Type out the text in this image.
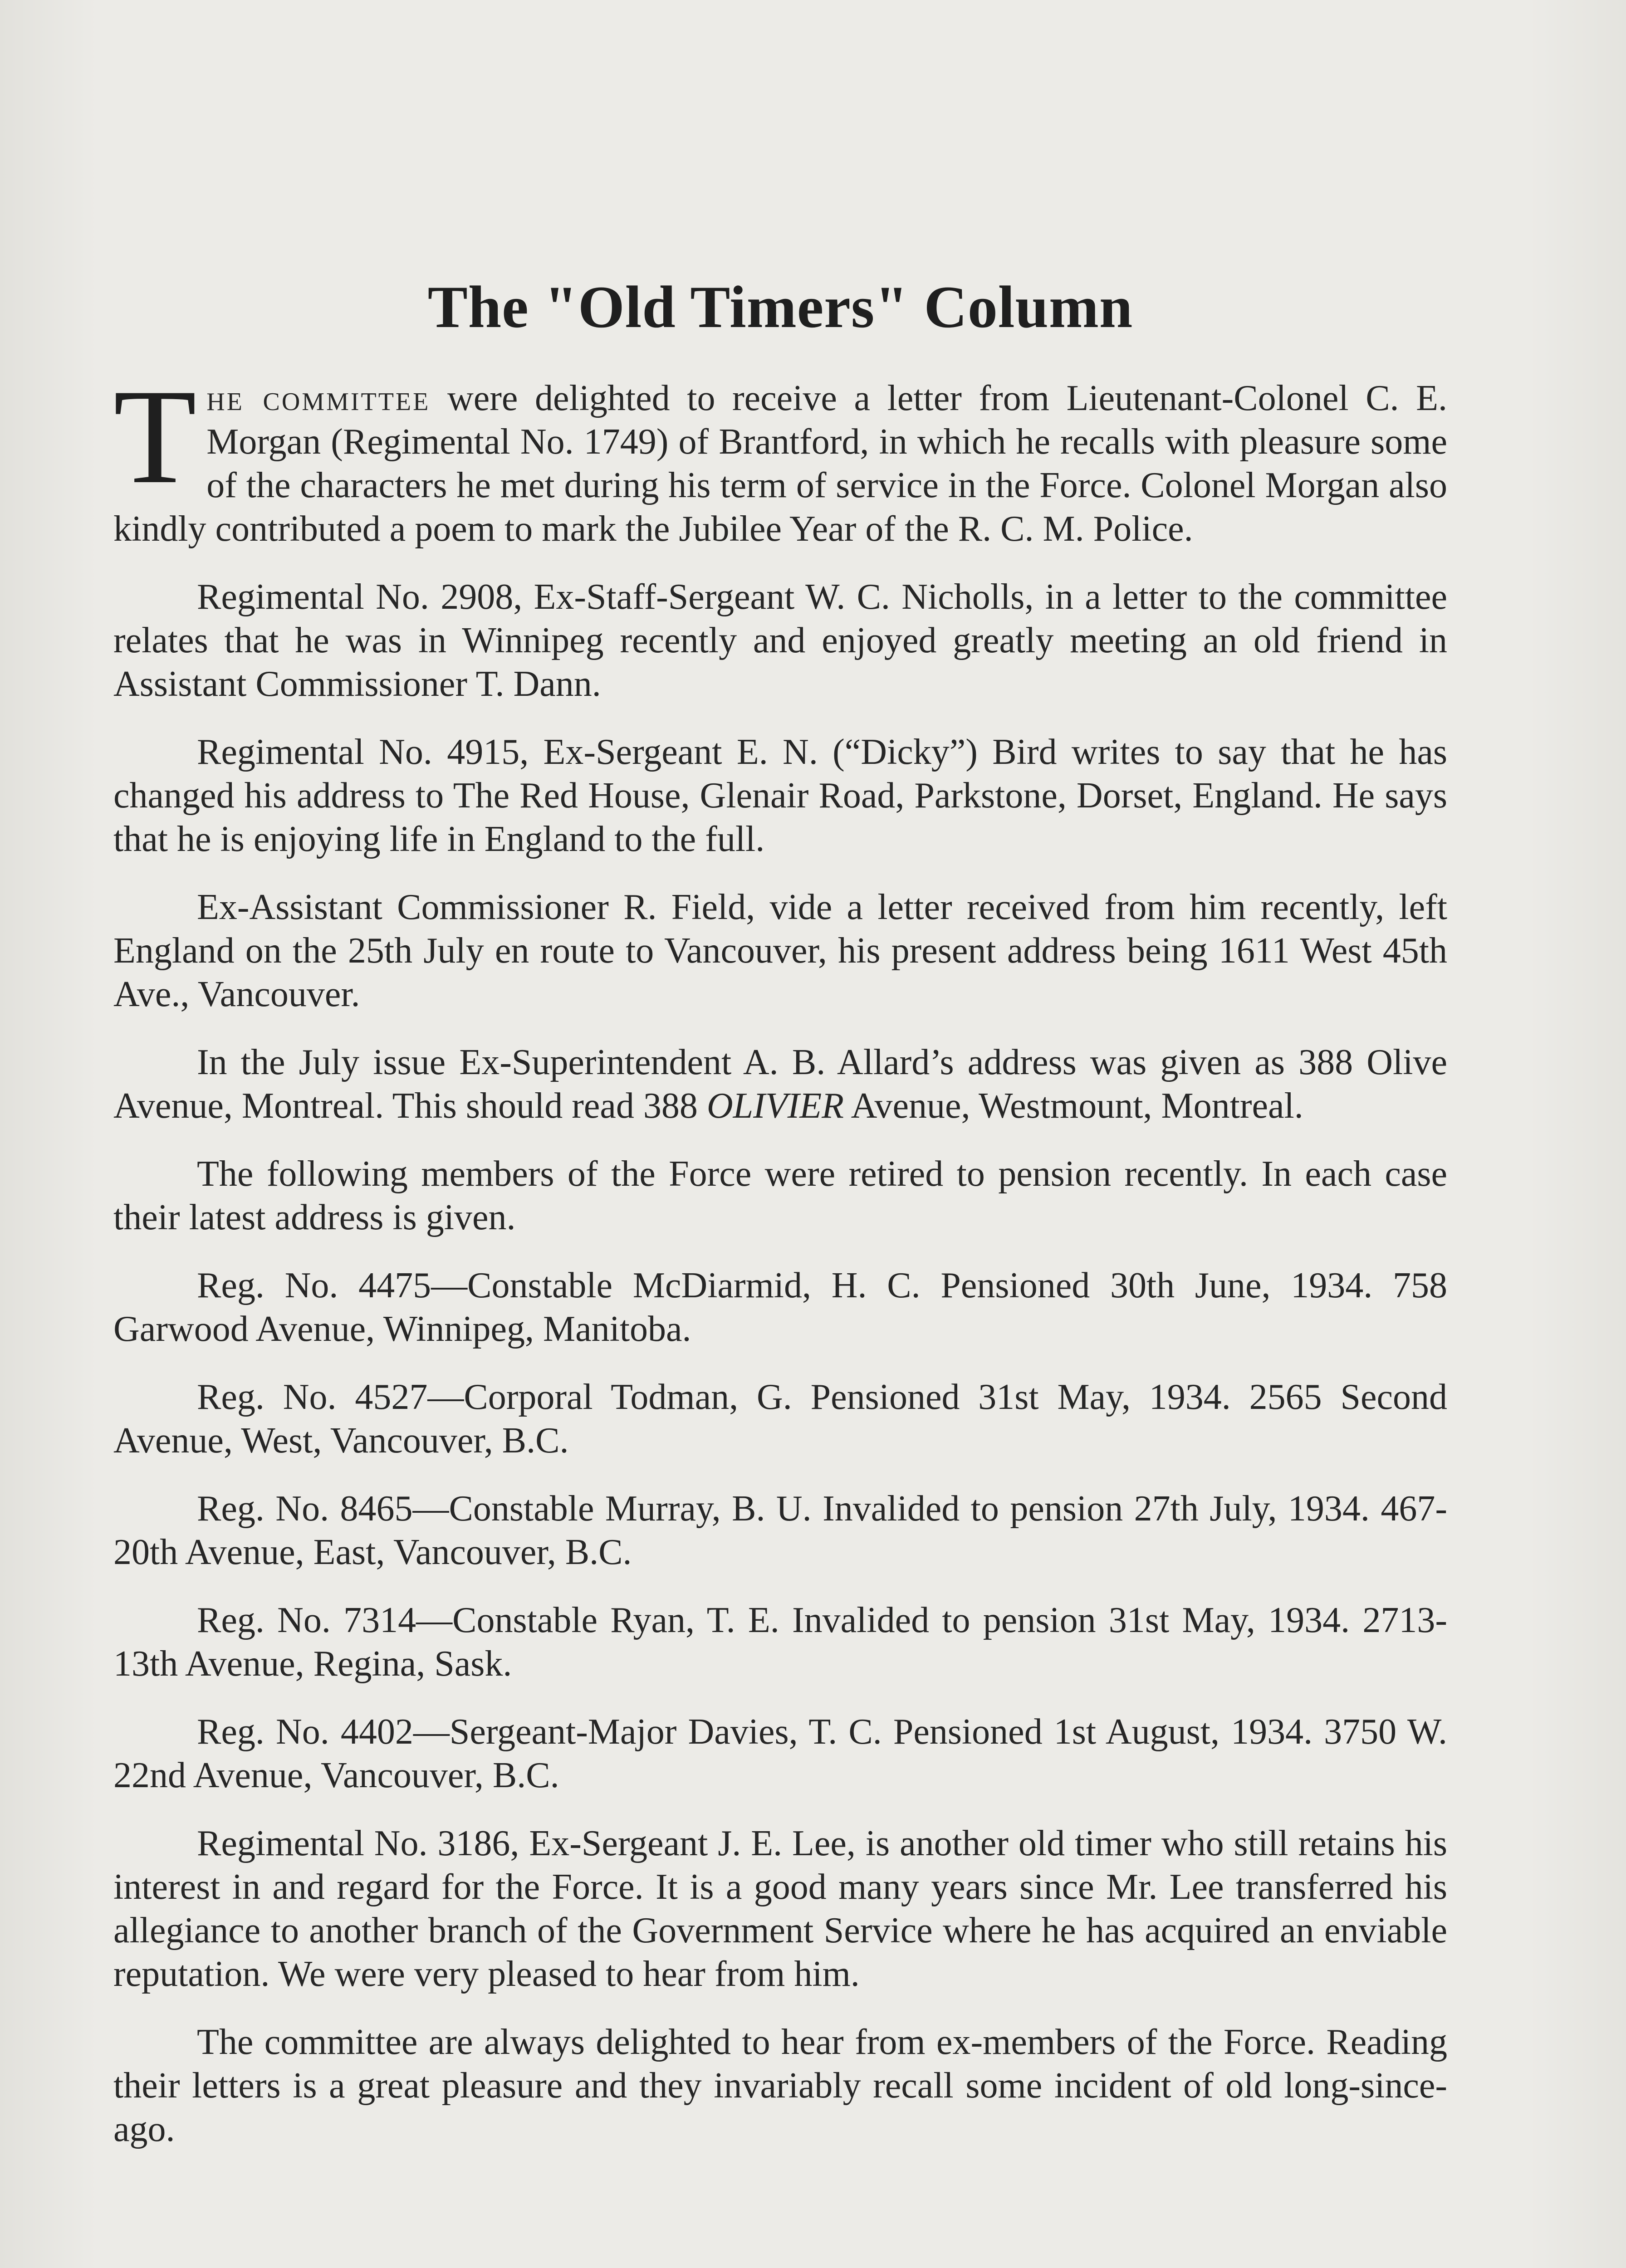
The "Old Timers" Column

The committee were delighted to receive a letter from Lieutenant-Colonel C. E. Morgan (Regimental No. 1749) of Brantford, in which he recalls with pleasure some of the characters he met during his term of service in the Force. Colonel Morgan also kindly contributed a poem to mark the Jubilee Year of the R. C. M. Police.

Regimental No. 2908, Ex-Staff-Sergeant W. C. Nicholls, in a letter to the committee relates that he was in Winnipeg recently and enjoyed greatly meeting an old friend in Assistant Commissioner T. Dann.

Regimental No. 4915, Ex-Sergeant E. N. (“Dicky”) Bird writes to say that he has changed his address to The Red House, Glenair Road, Parkstone, Dorset, England. He says that he is enjoying life in England to the full.

Ex-Assistant Commissioner R. Field, vide a letter received from him recently, left England on the 25th July en route to Vancouver, his present address being 1611 West 45th Ave., Vancouver.

In the July issue Ex-Superintendent A. B. Allard’s address was given as 388 Olive Avenue, Montreal. This should read 388 OLIVIER Avenue, Westmount, Montreal.

The following members of the Force were retired to pension recently. In each case their latest address is given.

Reg. No. 4475—Constable McDiarmid, H. C. Pensioned 30th June, 1934. 758 Garwood Avenue, Winnipeg, Manitoba.

Reg. No. 4527—Corporal Todman, G. Pensioned 31st May, 1934. 2565 Second Avenue, West, Vancouver, B.C.

Reg. No. 8465—Constable Murray, B. U. Invalided to pension 27th July, 1934. 467-20th Avenue, East, Vancouver, B.C.

Reg. No. 7314—Constable Ryan, T. E. Invalided to pension 31st May, 1934. 2713-13th Avenue, Regina, Sask.

Reg. No. 4402—Sergeant-Major Davies, T. C. Pensioned 1st August, 1934. 3750 W. 22nd Avenue, Vancouver, B.C.

Regimental No. 3186, Ex-Sergeant J. E. Lee, is another old timer who still retains his interest in and regard for the Force. It is a good many years since Mr. Lee transferred his allegiance to another branch of the Government Service where he has acquired an enviable reputation. We were very pleased to hear from him.

The committee are always delighted to hear from ex-members of the Force. Reading their letters is a great pleasure and they invariably recall some incident of old long-since-ago.
